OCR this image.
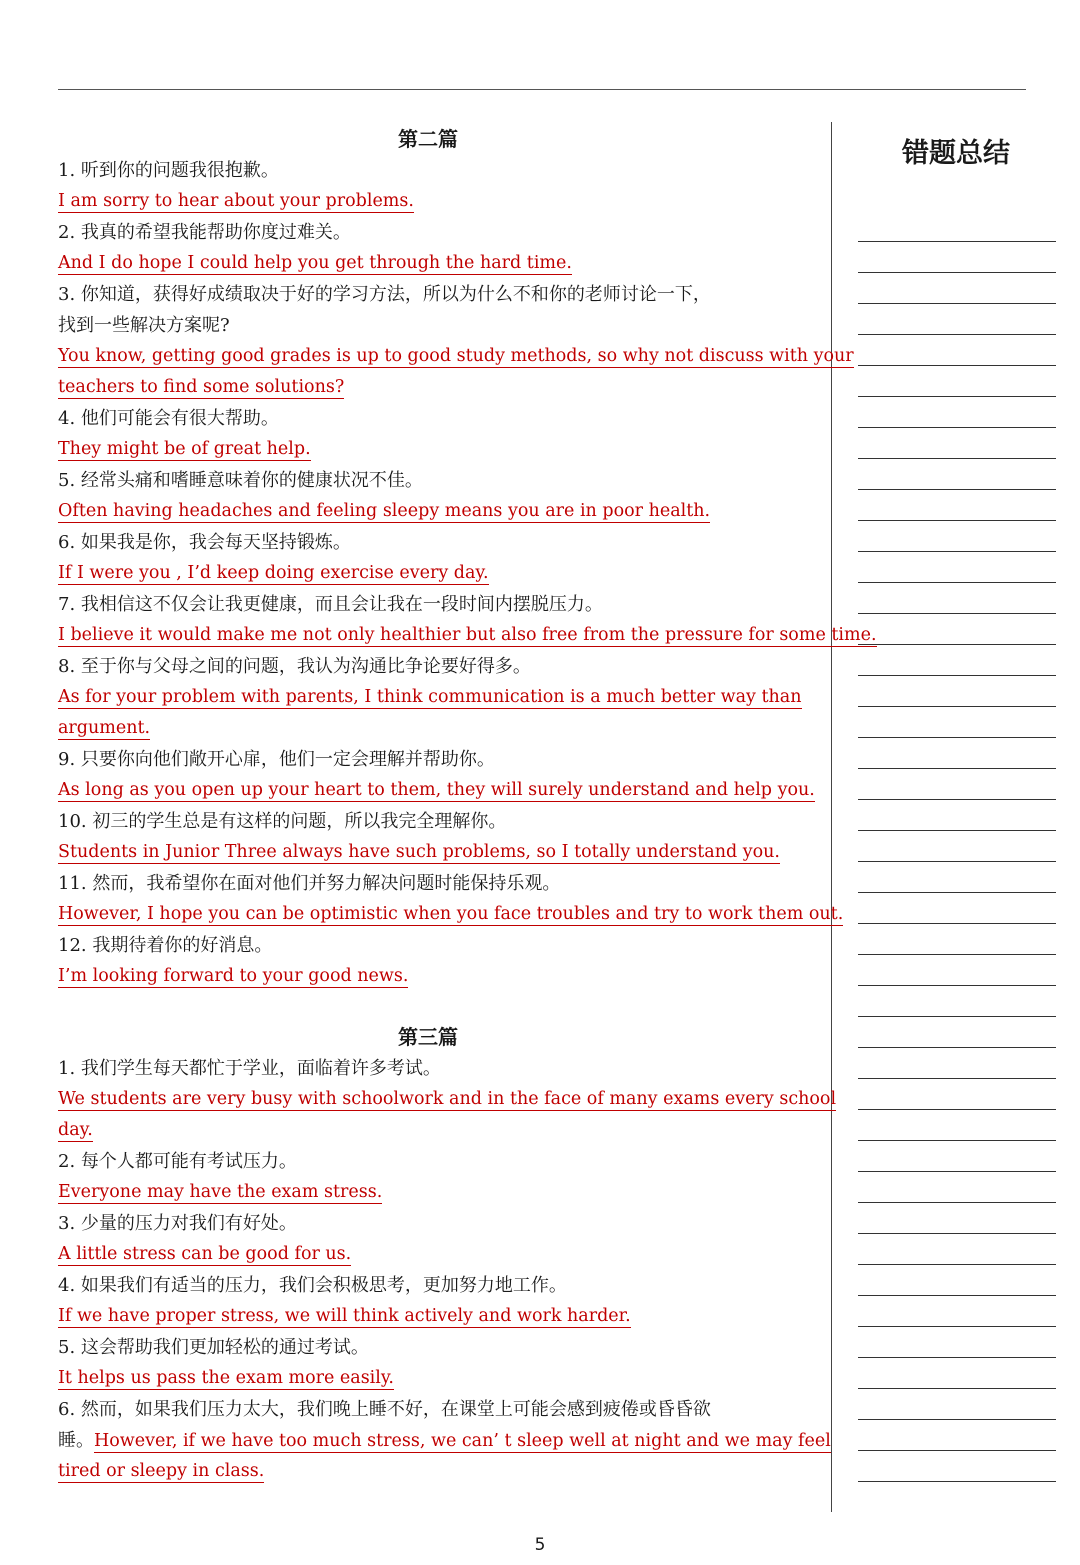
第二篇
1. 听到你的问题我很抱歉。
I am sorry to hear about your problems.
2. 我真的希望我能帮助你度过难关。
And I do hope I could help you get through the hard time.
3. 你知道，获得好成绩取决于好的学习方法，所以为什么不和你的老师讨论一下，
找到一些解决方案呢?
You know, getting good grades is up to good study methods, so why not discuss with your
teachers to find some solutions?
4. 他们可能会有很大帮助。
They might be of great help.
5. 经常头痛和嗜睡意味着你的健康状况不佳。
Often having headaches and feeling sleepy means you are in poor health.
6. 如果我是你，我会每天坚持锻炼。
If I were you , I’d keep doing exercise every day.
7. 我相信这不仅会让我更健康，而且会让我在一段时间内摆脱压力。
I believe it would make me not only healthier but also free from the pressure for some time.
8. 至于你与父母之间的问题，我认为沟通比争论要好得多。
As for your problem with parents, I think communication is a much better way than
argument.
9. 只要你向他们敞开心扉，他们一定会理解并帮助你。
As long as you open up your heart to them, they will surely understand and help you.
10. 初三的学生总是有这样的问题，所以我完全理解你。
Students in Junior Three always have such problems, so I totally understand you.
11. 然而，我希望你在面对他们并努力解决问题时能保持乐观。
However, I hope you can be optimistic when you face troubles and try to work them out.
12. 我期待着你的好消息。
I’m looking forward to your good news.
第三篇
1. 我们学生每天都忙于学业，面临着许多考试。
We students are very busy with schoolwork and in the face of many exams every school
day.
2. 每个人都可能有考试压力。
Everyone may have the exam stress.
3. 少量的压力对我们有好处。
A little stress can be good for us.
4. 如果我们有适当的压力，我们会积极思考，更加努力地工作。
If we have proper stress, we will think actively and work harder.
5. 这会帮助我们更加轻松的通过考试。
It helps us pass the exam more easily.
6. 然而，如果我们压力太大，我们晚上睡不好，在课堂上可能会感到疲倦或昏昏欲
睡。However, if we have too much stress, we can’ t sleep well at night and we may feel
tired or sleepy in class.
错题总结
5
